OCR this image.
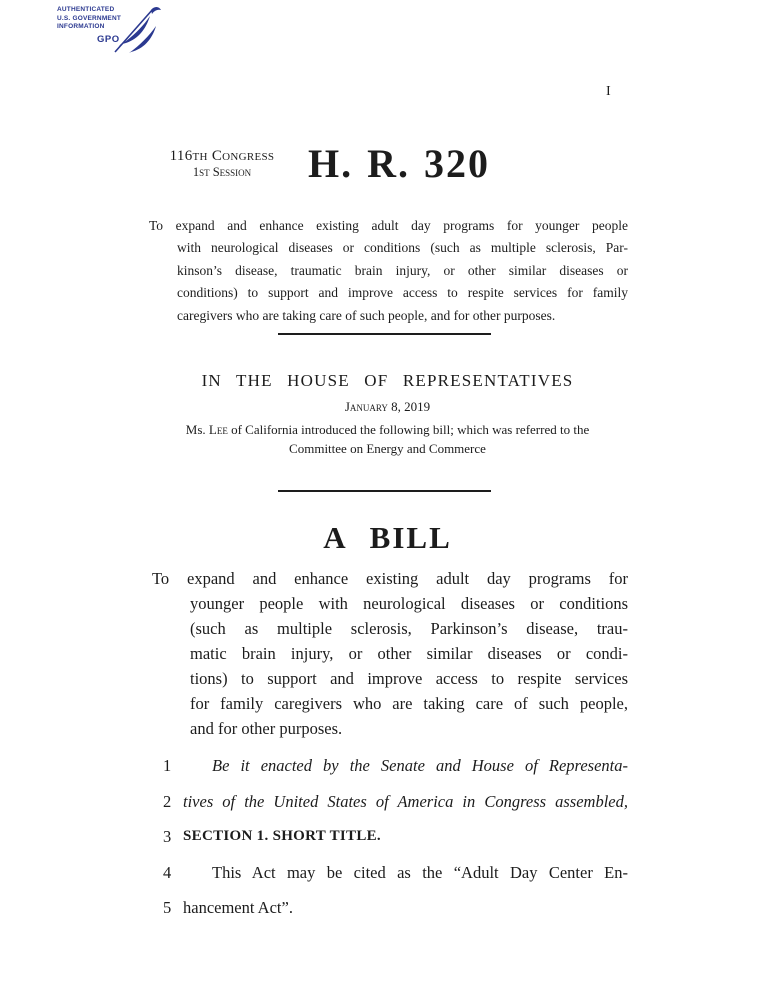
AUTHENTICATED
U.S. GOVERNMENT
INFORMATION
GPO
I
116th Congress
1st Session	H. R. 320
To expand and enhance existing adult day programs for younger people
with neurological diseases or conditions (such as multiple sclerosis, Par-
kinson’s disease, traumatic brain injury, or other similar diseases or
conditions) to support and improve access to respite services for family
caregivers who are taking care of such people, and for other purposes.
IN THE HOUSE OF REPRESENTATIVES
January 8, 2019
Ms. Lee of California introduced the following bill; which was referred to the
Committee on Energy and Commerce
A BILL
To expand and enhance existing adult day programs for
younger people with neurological diseases or conditions
(such as multiple sclerosis, Parkinson’s disease, trau-
matic brain injury, or other similar diseases or condi-
tions) to support and improve access to respite services
for family caregivers who are taking care of such people,
and for other purposes.
1	Be it enacted by the Senate and House of Representa-
2 tives of the United States of America in Congress assembled,
3 SECTION 1. SHORT TITLE.
4	This Act may be cited as the “Adult Day Center En-
5 hancement Act”.
